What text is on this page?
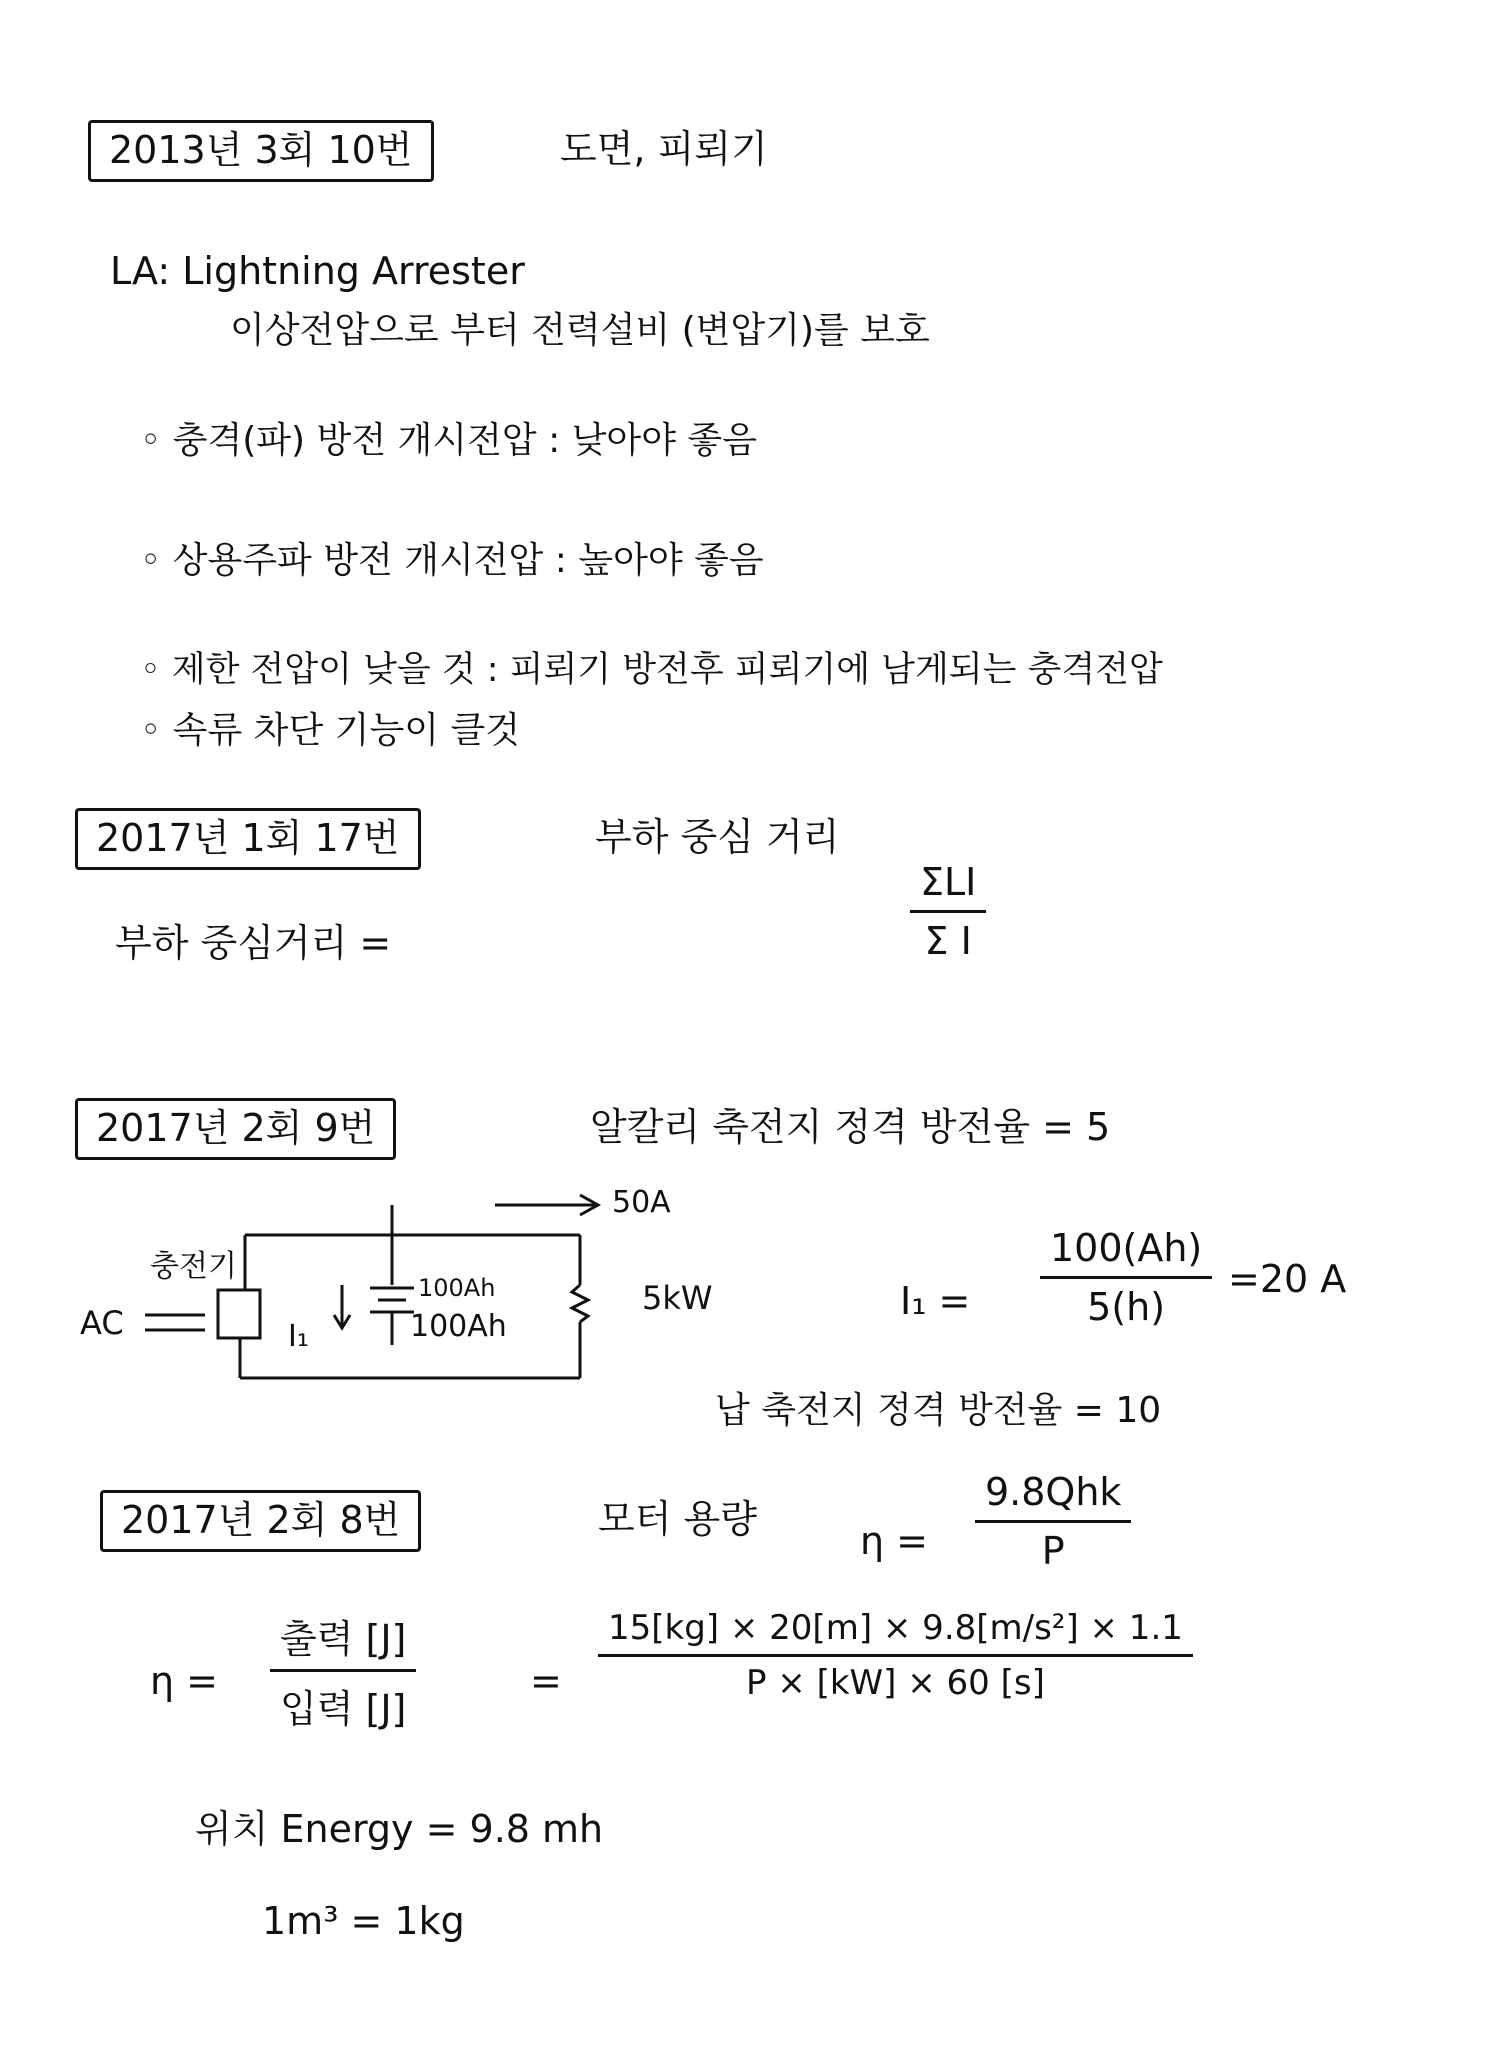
2013년 3회 10번	도면, 피뢰기
LA: Lightning Arrester
이상전압으로 부터 전력설비 (변압기)를 보호
◦ 충격(파) 방전 개시전압 : 낮아야 좋음
◦ 상용주파 방전 개시전압 : 높아야 좋음
◦ 제한 전압이 낮을 것 : 피뢰기 방전후 피뢰기에 남게되는 충격전압
◦ 속류 차단 기능이 클것
2017년 1회 17번	부하 중심 거리
부하 중심거리 =
ΣLI
Σ I
2017년 2회 9번	알칼리 축전지 정격 방전율 = 5
50A
충전기
AC	I₁
100Ah
100Ah
5kW	I₁ =
100(Ah)
5(h)
=20 A
납 축전지 정격 방전율 = 10
2017년 2회 8번	모터 용량	η =
9.8Qhk
P
η =
출력 [J]
입력 [J]
=
15[kg] × 20[m] × 9.8[m/s²] × 1.1
P × [kW] × 60 [s]
위치 Energy = 9.8 mh
1m³ = 1kg
